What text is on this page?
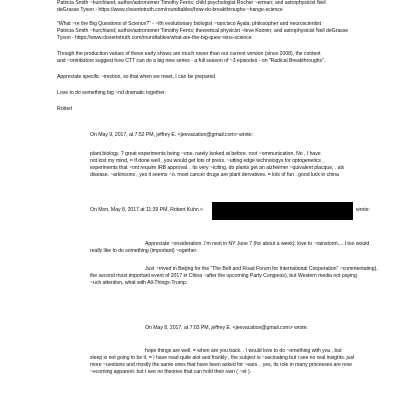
Patricia Smith ~hurchland; author/astronomer Timothy Ferris; child psychologist Rocher ~erman; and astrophysicist Neil
deGrasse Tyson - https://www.closertotruth.com/roundtables/how-do-breakthroughs-~hange-science
"What ~re the Big Questions of Science?" - ~ith evolutionary biologist ~rancisco Ayala; philosopher and neuroscientist
Patricia Smith ~hurchland; author/astronomer Timothy Ferris; theoretical physicist ~teve Koonin; and astrophysicist Neil deGrasse
Tyson - https://www.closertotruth.com/roundtables/what-are-the-big-ques~ions-science
Though the production values of these early shows are much rower than our current version (since 2008), the content
and ~ontributors suggest how CTT can do a big new series - a full season of ~3 episodes - on "Radical Breakthroughs".
Appreciate specific ~irection, so that when we meet, I can be prepared
Love to do something big ~nd dramatic together.
Robert
On May 9, 2017, at 7:52 PM, jeffrey E. <jeevacation@gmail.com> wrote:
plant biology. ? great experiments being ~one. rarely looked at before. root ~ommunication. No , I have
not lost my mind, = If done well , you would get lots of press. ~utting edge technologys for optogenetics ,
experiments that ~ont require IRB approval. . its very ~iciting. do plants get an alzheimer ~quivalent placque, . als
disease. ~arkinsons , yes it seems ~o. most cancer drugs are plant dervatives. = lots of fun . good luck in china
On Mon, May 8, 2017 at 11:39 PM, Robert Kuhn <	wrote:
Appreciate ~onsideration. I'm next in NY June 7 (for about a week); love to ~rainstorm.... I too would
really like to do something (important) ~ogether.
Just ~rrived in Beijing for the "The Belt and Road Forum for International Cooperation" ~commentating),
the second most important event of 2017 in China ~after the upcoming Party Congress), but Western media not paying
~uch attention, what with All-Things-Trump.
On May 8, 2017, at 7:03 PM, jeffrey E. <jeevacation@gmail.com> wrote:
hope things are well. = when are you back. . I would love to do ~omething with you , but
sleep is not going to be it. = I have read quite alot and frankly , the subject is ~ascinating but i see no real insights. just
more ~uestions and mostly the same ones that have been asked for ~ears. . yes, its role in many processes are now
~ecoming apparent. but I see no theories that can hold their own ( ~et ).
